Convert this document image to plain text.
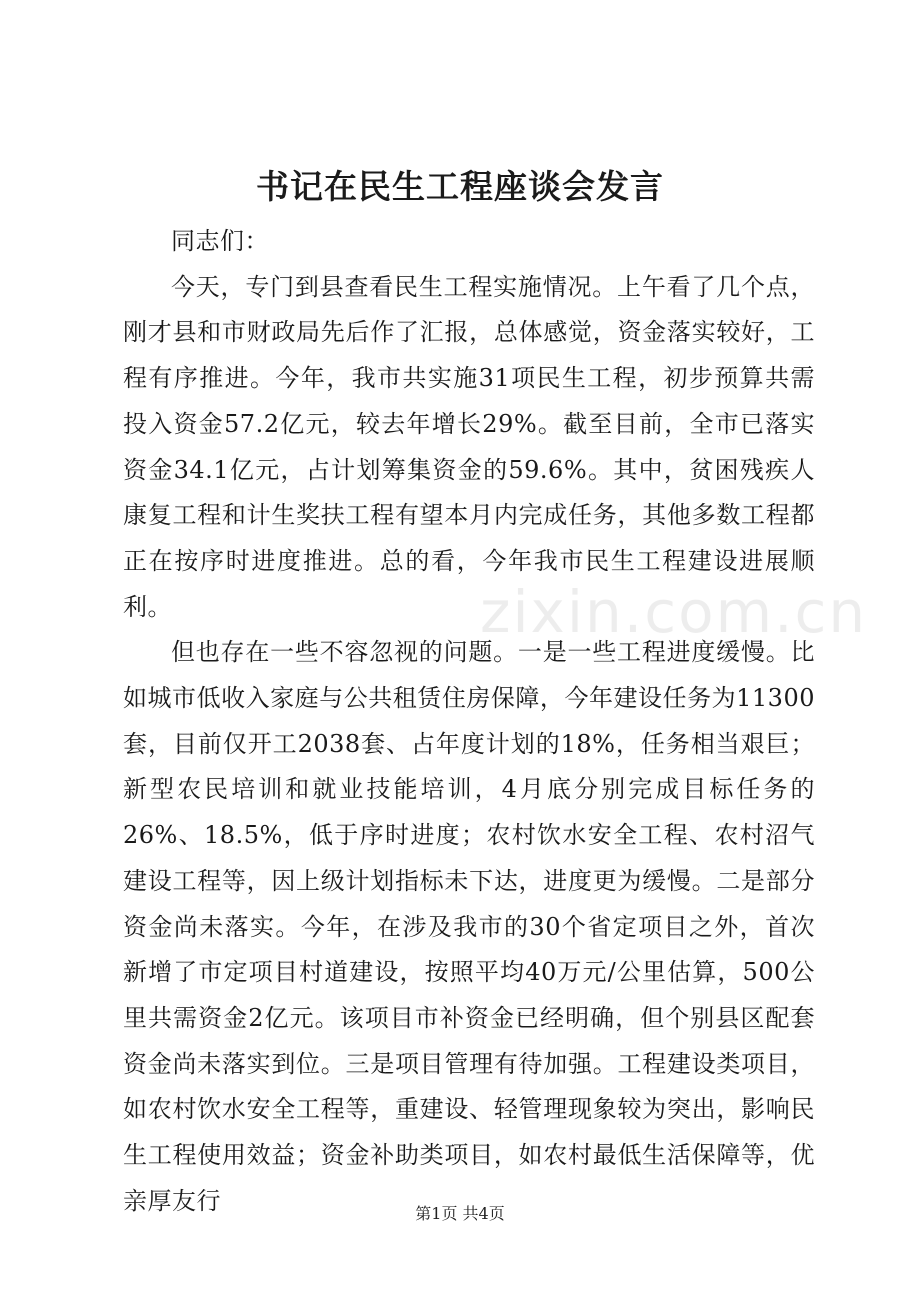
书记在民生工程座谈会发言

同志们：

今天，专门到县查看民生工程实施情况。上午看了几个点，刚才县和市财政局先后作了汇报，总体感觉，资金落实较好，工程有序推进。今年，我市共实施31项民生工程，初步预算共需投入资金57.2亿元，较去年增长29%。截至目前，全市已落实资金34.1亿元，占计划筹集资金的59.6%。其中，贫困残疾人康复工程和计生奖扶工程有望本月内完成任务，其他多数工程都正在按序时进度推进。总的看，今年我市民生工程建设进展顺利。

但也存在一些不容忽视的问题。一是一些工程进度缓慢。比如城市低收入家庭与公共租赁住房保障，今年建设任务为11300套，目前仅开工2038套、占年度计划的18%，任务相当艰巨；新型农民培训和就业技能培训，4月底分别完成目标任务的26%、18.5%，低于序时进度；农村饮水安全工程、农村沼气建设工程等，因上级计划指标未下达，进度更为缓慢。二是部分资金尚未落实。今年，在涉及我市的30个省定项目之外，首次新增了市定项目村道建设，按照平均40万元/公里估算，500公里共需资金2亿元。该项目市补资金已经明确，但个别县区配套资金尚未落实到位。三是项目管理有待加强。工程建设类项目，如农村饮水安全工程等，重建设、轻管理现象较为突出，影响民生工程使用效益；资金补助类项目，如农村最低生活保障等，优亲厚友行

zixin.com.cn
第1页 共4页
